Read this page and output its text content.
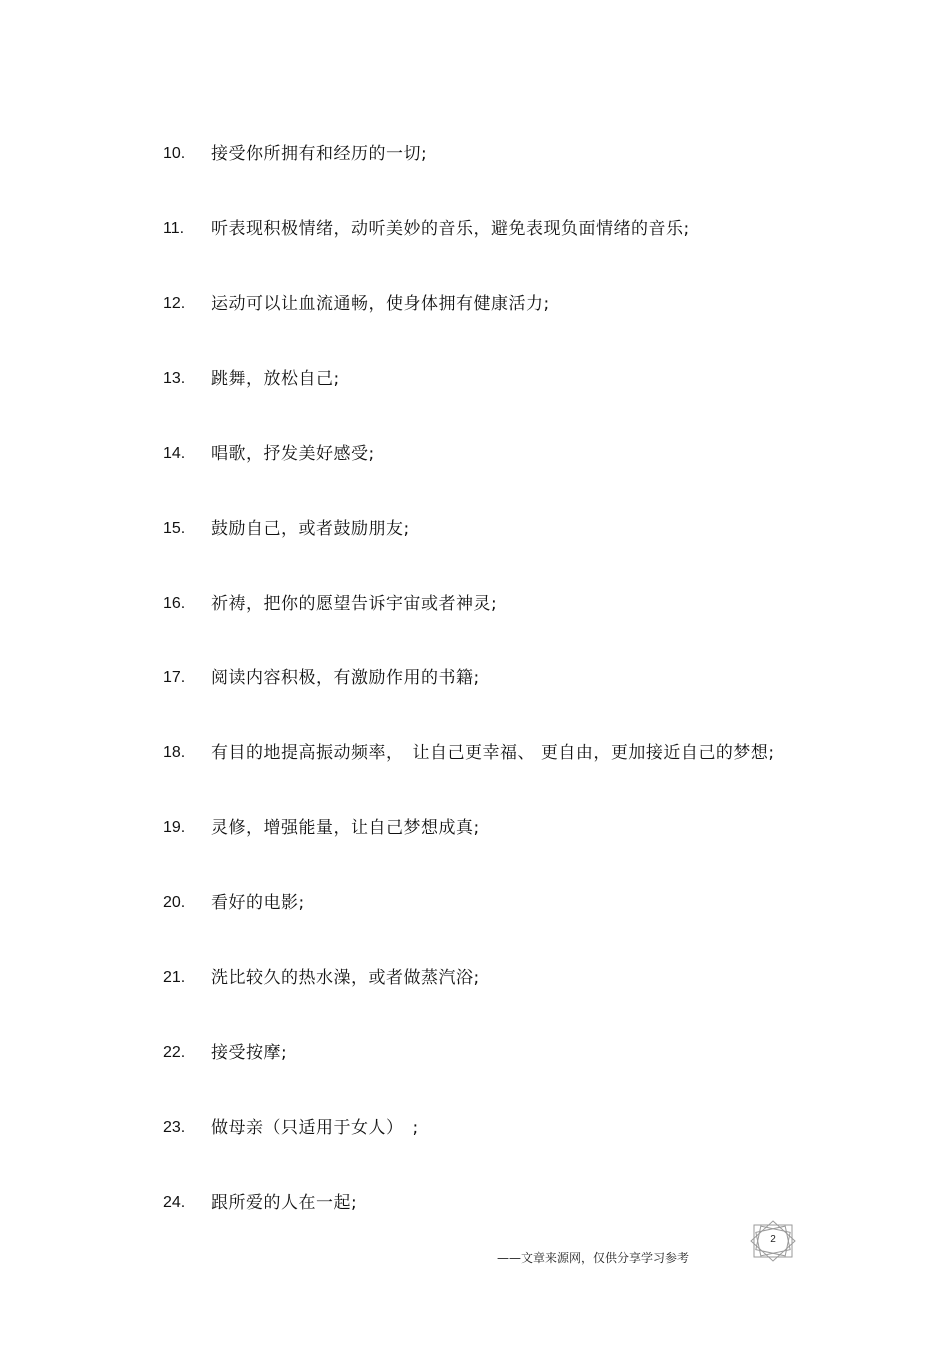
10. 接受你所拥有和经历的一切;
11. 听表现积极情绪，动听美妙的音乐，避免表现负面情绪的音乐;
12. 运动可以让血流通畅，使身体拥有健康活力;
13. 跳舞，放松自己;
14. 唱歌，抒发美好感受;
15. 鼓励自己，或者鼓励朋友;
16. 祈祷，把你的愿望告诉宇宙或者神灵;
17. 阅读内容积极，有激励作用的书籍;
18. 有目的地提高振动频率，　让自己更幸福、 更自由，更加接近自己的梦想;
19. 灵修，增强能量，让自己梦想成真;
20. 看好的电影;
21. 洗比较久的热水澡，或者做蒸汽浴;
22. 接受按摩;
23. 做母亲（只适用于女人）　;
24. 跟所爱的人在一起;
——文章来源网，仅供分享学习参考
2
